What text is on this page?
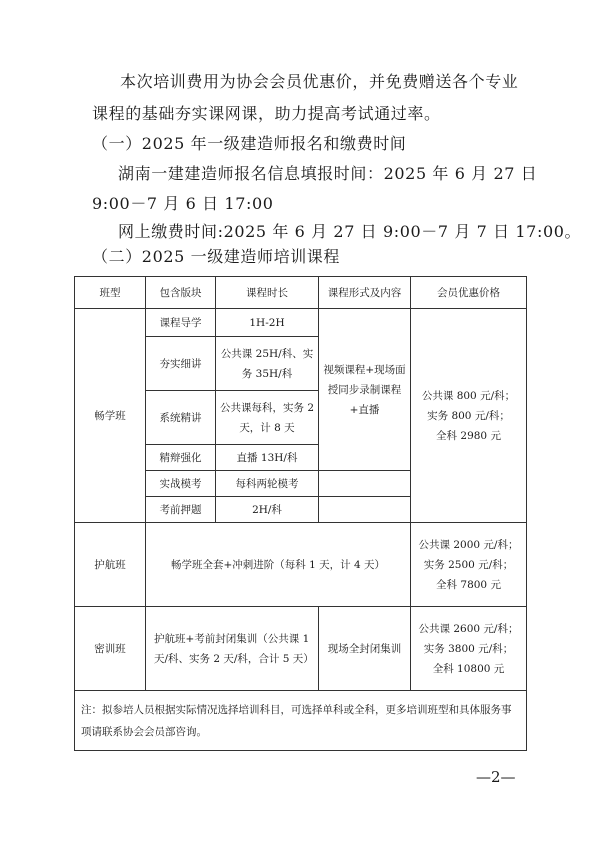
本次培训费用为协会会员优惠价，并免费赠送各个专业
课程的基础夯实课网课，助力提高考试通过率。
（一）2025 年一级建造师报名和缴费时间
湖南一建建造师报名信息填报时间：2025 年 6 月 27 日
9:00－7 月 6 日 17:00
网上缴费时间:2025 年 6 月 27 日 9:00－7 月 7 日 17:00。
（二）2025 一级建造师培训课程
班型	包含版块	课程时长	课程形式及内容	会员优惠价格
畅学班	课程导学	1H-2H	视频课程+现场面授同步录制课程+直播	公共课 800 元/科；
实务 800 元/科；
全科 2980 元

	夯实细讲	公共课 25H/科、实务 35H/科		
	系统精讲	公共课每科，实务 2 天，计 8 天		
	精辩强化	直播 13H/科		
	实战模考	每科两轮模考		
	考前押题	2H/科		
护航班	畅学班全套+冲刺进阶（每科 1 天，计 4 天）			公共课 2000 元/科；
实务 2500 元/科；
全科 7800 元

密训班	护航班+考前封闭集训（公共课 1 天/科、实务 2 天/科，合计 5 天）		现场全封闭集训	公共课 2600 元/科；
实务 3800 元/科；
全科 10800 元

注：拟参培人员根据实际情况选择培训科目，可选择单科或全科，更多培训班型和具体服务事项请联系协会会员部咨询。				
—2—
